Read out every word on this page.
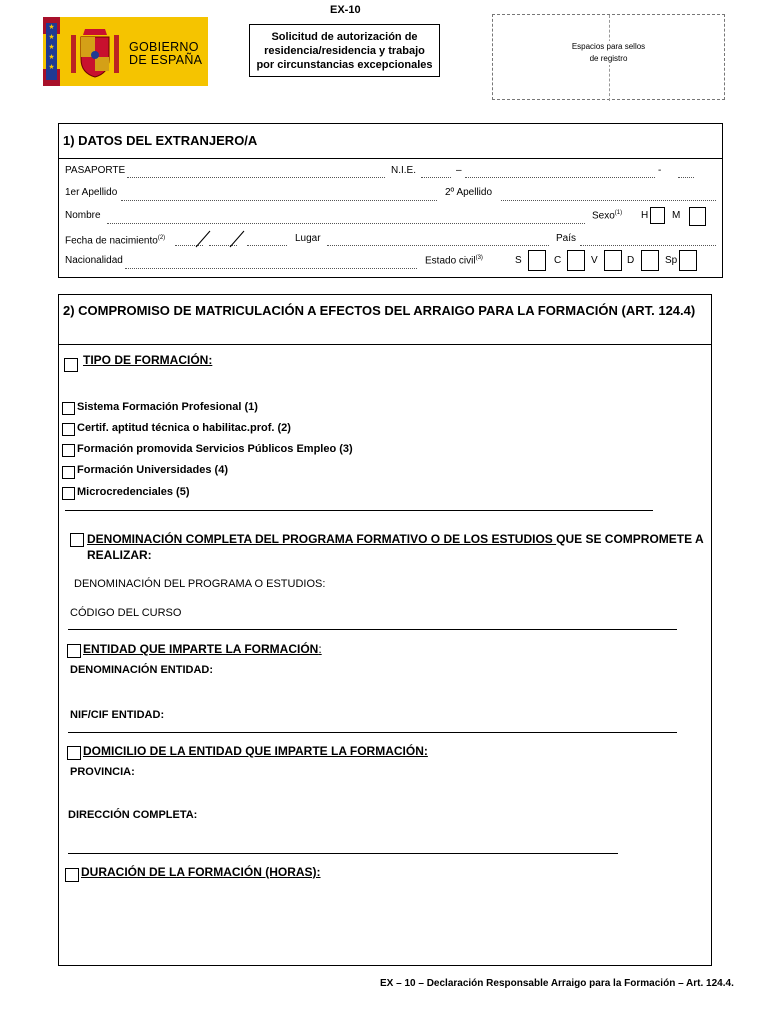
★
★
★
★
★
GOBIERNO
DE ESPAÑA
EX-10
Solicitud de autorización de residencia/residencia y trabajo por circunstancias excepcionales
Espacios para sellos
de registro
1) DATOS DEL EXTRANJERO/A
PASAPORTE	N.I.E.	–	-
1er Apellido	2º Apellido
Nombre	Sexo$^{(1)}$ H M
Fecha de nacimiento$^{(2)}$	Lugar	País
Nacionalidad	Estado civil$^{(3)}$	S	C	V	D	Sp
2) COMPROMISO DE MATRICULACIÓN A EFECTOS DEL ARRAIGO PARA LA FORMACIÓN (ART. 124.4)
TIPO DE FORMACIÓN:
Sistema Formación Profesional (1)
Certif. aptitud técnica o habilitac.prof. (2)
Formación promovida Servicios Públicos Empleo (3)
Formación Universidades (4)
Microcredenciales (5)
DENOMINACIÓN COMPLETA DEL PROGRAMA FORMATIVO O DE LOS ESTUDIOS QUE SE COMPROMETE A
REALIZAR:
DENOMINACIÓN DEL PROGRAMA O ESTUDIOS:
CÓDIGO DEL CURSO
ENTIDAD QUE IMPARTE LA FORMACIÓN:
DENOMINACIÓN ENTIDAD:
NIF/CIF ENTIDAD:
DOMICILIO DE LA ENTIDAD QUE IMPARTE LA FORMACIÓN:
PROVINCIA:
DIRECCIÓN COMPLETA:
DURACIÓN DE LA FORMACIÓN (HORAS):
EX – 10 – Declaración Responsable Arraigo para la Formación – Art. 124.4.
